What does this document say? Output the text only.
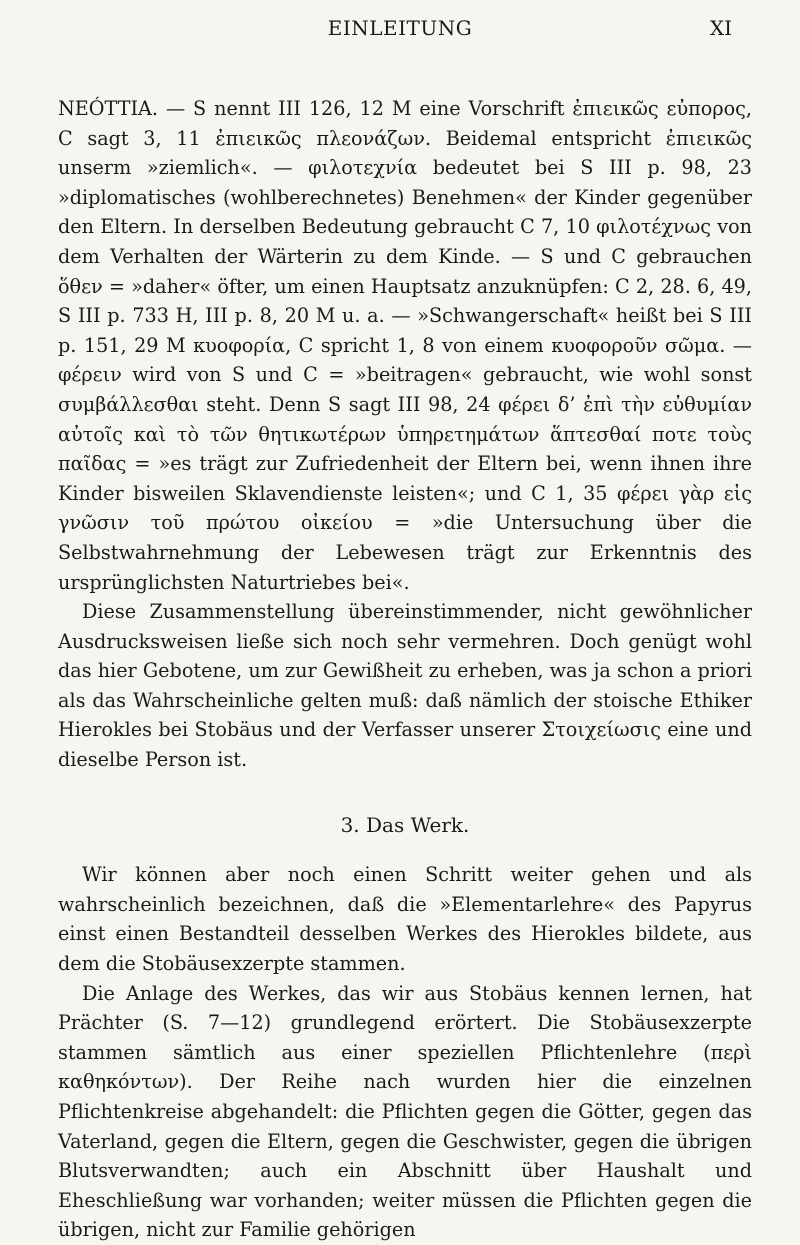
EINLEITUNG	XI

NEÓTTIA. — S nennt III 126, 12 M eine Vorschrift ἐπιεικῶς εὐπορος, C sagt 3, 11 ἐπιεικῶς πλεονάζων. Beidemal entspricht ἐπιεικῶς unserm »ziemlich«. — φιλοτεχνία bedeutet bei S III p. 98, 23 »diplomatisches (wohlberechnetes) Benehmen« der Kinder gegenüber den Eltern. In derselben Bedeutung gebraucht C 7, 10 φιλοτέχνως von dem Verhalten der Wärterin zu dem Kinde. — S und C gebrauchen ὅθεν = »daher« öfter, um einen Hauptsatz anzuknüpfen: C 2, 28. 6, 49, S III p. 733 H, III p. 8, 20 M u. a. — »Schwangerschaft« heißt bei S III p. 151, 29 M κυοφορία, C spricht 1, 8 von einem κυοφοροῦν σῶμα. — φέρειν wird von S und C = »beitragen« gebraucht, wie wohl sonst συμβάλλεσθαι steht. Denn S sagt III 98, 24 φέρει δ’ ἐπὶ τὴν εὐθυμίαν αὐτοῖς καὶ τὸ τῶν θητικωτέρων ὑπηρετημάτων ἅπτεσθαί ποτε τοὺς παῖδας = »es trägt zur Zufriedenheit der Eltern bei, wenn ihnen ihre Kinder bisweilen Sklavendienste leisten«; und C 1, 35 φέρει γὰρ εἰς γνῶσιν τοῦ πρώτου οἰκείου = »die Untersuchung über die Selbstwahrnehmung der Lebewesen trägt zur Erkenntnis des ursprünglichsten Naturtriebes bei«.

Diese Zusammenstellung übereinstimmender, nicht gewöhnlicher Ausdrucksweisen ließe sich noch sehr vermehren. Doch genügt wohl das hier Gebotene, um zur Gewißheit zu erheben, was ja schon a priori als das Wahrscheinliche gelten muß: daß nämlich der stoische Ethiker Hierokles bei Stobäus und der Verfasser unserer Στοιχείωσις eine und dieselbe Person ist.

3. Das Werk.

Wir können aber noch einen Schritt weiter gehen und als wahrscheinlich bezeichnen, daß die »Elementarlehre« des Papyrus einst einen Bestandteil desselben Werkes des Hierokles bildete, aus dem die Stobäusexzerpte stammen.

Die Anlage des Werkes, das wir aus Stobäus kennen lernen, hat Prächter (S. 7—12) grundlegend erörtert. Die Stobäusexzerpte stammen sämtlich aus einer speziellen Pflichtenlehre (περὶ καθηκόντων). Der Reihe nach wurden hier die einzelnen Pflichtenkreise abgehandelt: die Pflichten gegen die Götter, gegen das Vaterland, gegen die Eltern, gegen die Geschwister, gegen die übrigen Blutsverwandten; auch ein Abschnitt über Haushalt und Eheschließung war vorhanden; weiter müssen die Pflichten gegen die übrigen, nicht zur Familie gehörigen
